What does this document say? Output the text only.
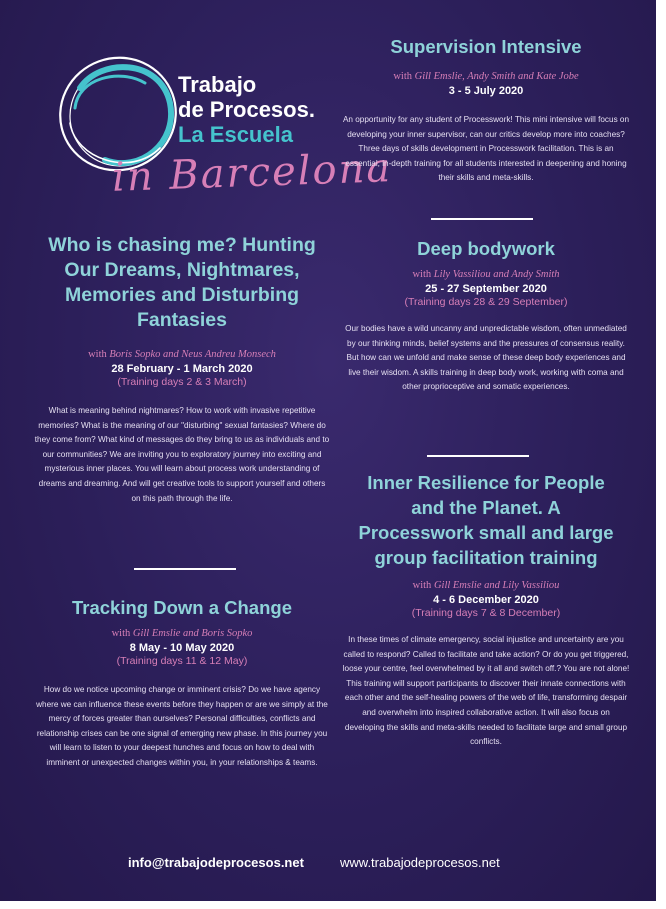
Trabajo
de Procesos.
La Escuela
in Barcelona
Supervision Intensive
with Gill Emslie, Andy Smith and Kate Jobe
3 - 5 July 2020
An opportunity for any student of Processwork! This mini intensive will focus on developing your inner supervisor, can our critics develop more into coaches? Three days of skills development in Processwork facilitation. This is an essential, in-depth training for all students interested in deepening and honing their skills and meta-skills.
Deep bodywork
with Lily Vassiliou and Andy Smith
25 - 27 September 2020
(Training days 28 & 29 September)
Our bodies have a wild uncanny and unpredictable wisdom, often unmediated by our thinking minds, belief systems and the pressures of consensus reality. But how can we unfold and make sense of these deep body experiences and live their wisdom. A skills training in deep body work, working with coma and other proprioceptive and somatic experiences.
Inner Resilience for People and the Planet. A Processwork small and large group facilitation training
with Gill Emslie and Lily Vassiliou
4 - 6 December 2020
(Training days 7 & 8 December)
In these times of climate emergency, social injustice and uncertainty are you called to respond? Called to facilitate and take action? Or do you get triggered, loose your centre, feel overwhelmed by it all and switch off.? You are not alone! This training will support participants to discover their innate connections with each other and the self-healing powers of the web of life, transforming despair and overwhelm into inspired collaborative action. It will also focus on developing the skills and meta-skills needed to facilitate large and small group conflicts.
Who is chasing me? Hunting Our Dreams, Nightmares, Memories and Disturbing Fantasies
with Boris Sopko and Neus Andreu Monsech
28 February - 1 March 2020
(Training days 2 & 3 March)
What is meaning behind nightmares? How to work with invasive repetitive memories? What is the meaning of our "disturbing" sexual fantasies? Where do they come from? What kind of messages do they bring to us as individuals and to our communities? We are inviting you to exploratory journey into exciting and mysterious inner places. You will learn about process work understanding of dreams and dreaming. And will get creative tools to support yourself and others on this path through the life.
Tracking Down a Change
with Gill Emslie and Boris Sopko
8 May - 10 May 2020
(Training days 11 & 12 May)
How do we notice upcoming change or imminent crisis? Do we have agency where we can influence these events before they happen or are we simply at the mercy of forces greater than ourselves? Personal difficulties, conflicts and relationship crises can be one signal of emerging new phase. In this journey you will learn to listen to your deepest hunches and focus on how to deal with imminent or unexpected changes within you, in your relationships & teams.
info@trabajodeprocesos.net	www.trabajodeprocesos.net
